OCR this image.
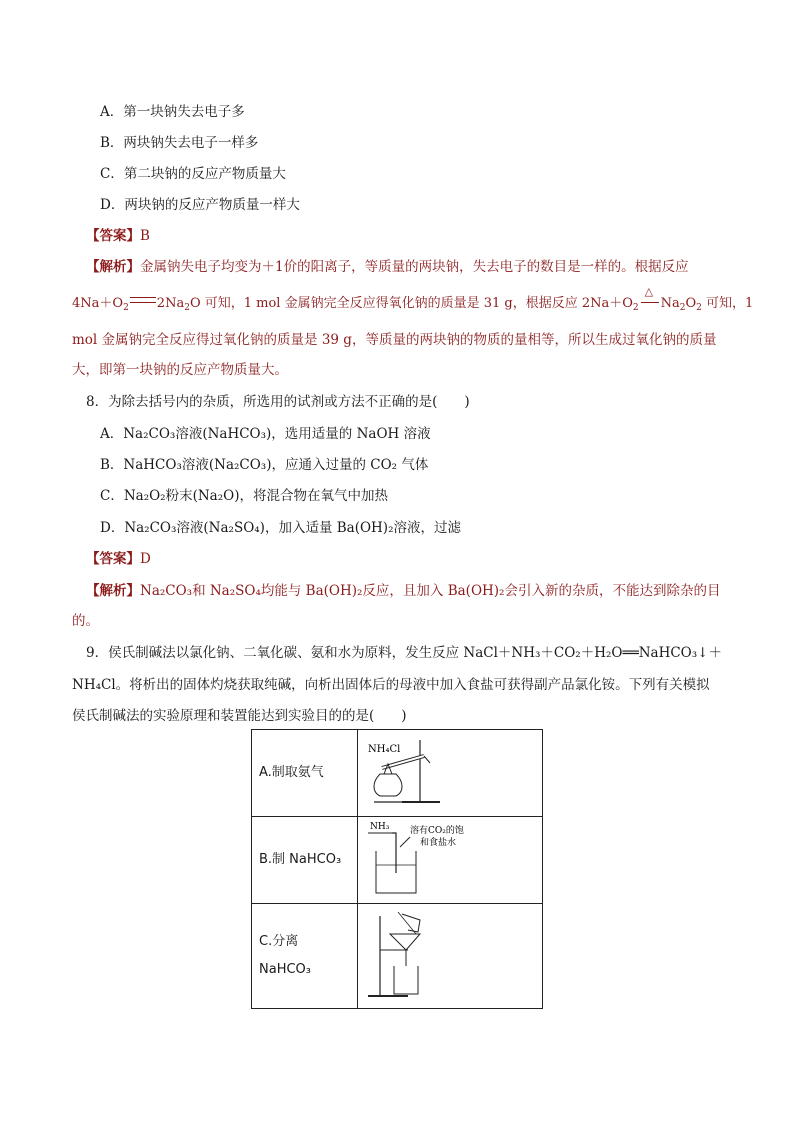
A．第一块钠失去电子多
B．两块钠失去电子一样多
C．第二块钠的反应产物质量大
D．两块钠的反应产物质量一样大
【答案】B
【解析】金属钠失电子均变为＋1价的阳离子，等质量的两块钠，失去电子的数目是一样的。根据反应
$4Na+O_2$ $2Na_2O$ 可知，1 mol 金属钠完全反应得氧化钠的质量是 31 g，根据反应 $2Na+O_2$
△
$Na_2O_2$ 可知，1
mol 金属钠完全反应得过氧化钠的质量是 39 g，等质量的两块钠的物质的量相等，所以生成过氧化钠的质量
大，即第一块钠的反应产物质量大。
8．为除去括号内的杂质，所选用的试剂或方法不正确的是(　　)
A．Na₂CO₃溶液(NaHCO₃)，选用适量的 NaOH 溶液
B．NaHCO₃溶液(Na₂CO₃)，应通入过量的 CO₂ 气体
C．Na₂O₂粉末(Na₂O)，将混合物在氧气中加热
D．Na₂CO₃溶液(Na₂SO₄)，加入适量 Ba(OH)₂溶液，过滤
【答案】D
【解析】Na₂CO₃和 Na₂SO₄均能与 Ba(OH)₂反应，且加入 Ba(OH)₂会引入新的杂质，不能达到除杂的目
的。
9．侯氏制碱法以氯化钠、二氧化碳、氨和水为原料，发生反应 NaCl＋NH₃＋CO₂＋H₂O══NaHCO₃↓＋
NH₄Cl。将析出的固体灼烧获取纯碱，向析出固体后的母液中加入食盐可获得副产品氯化铵。下列有关模拟
侯氏制碱法的实验原理和装置能达到实验目的的是(　　)
A.制取氨气	NH₄Cl

B.制 NaHCO₃	NH₃ 溶有CO₂的饱
和食盐水

C.分离
NaHCO₃
